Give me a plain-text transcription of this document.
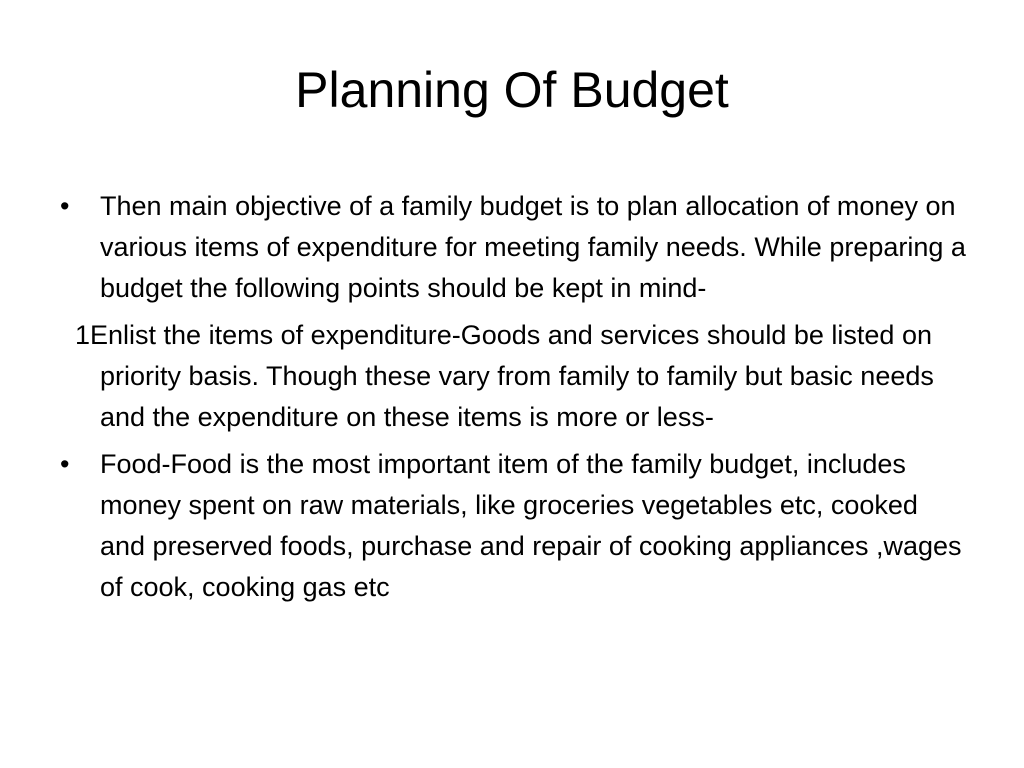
Planning Of Budget

•	Then main objective of a family budget is to plan allocation of money on various items of expenditure for meeting family needs. While preparing a budget the following points should be kept in mind-

1Enlist the items of expenditure-Goods and services should be listed on priority basis. Though these vary from family to family but basic needs and the expenditure on these items is more or less-

•	Food-Food is the most important item of the family budget, includes money spent on raw materials, like groceries vegetables etc, cooked and preserved foods, purchase and repair of cooking appliances ,wages of cook, cooking gas etc
